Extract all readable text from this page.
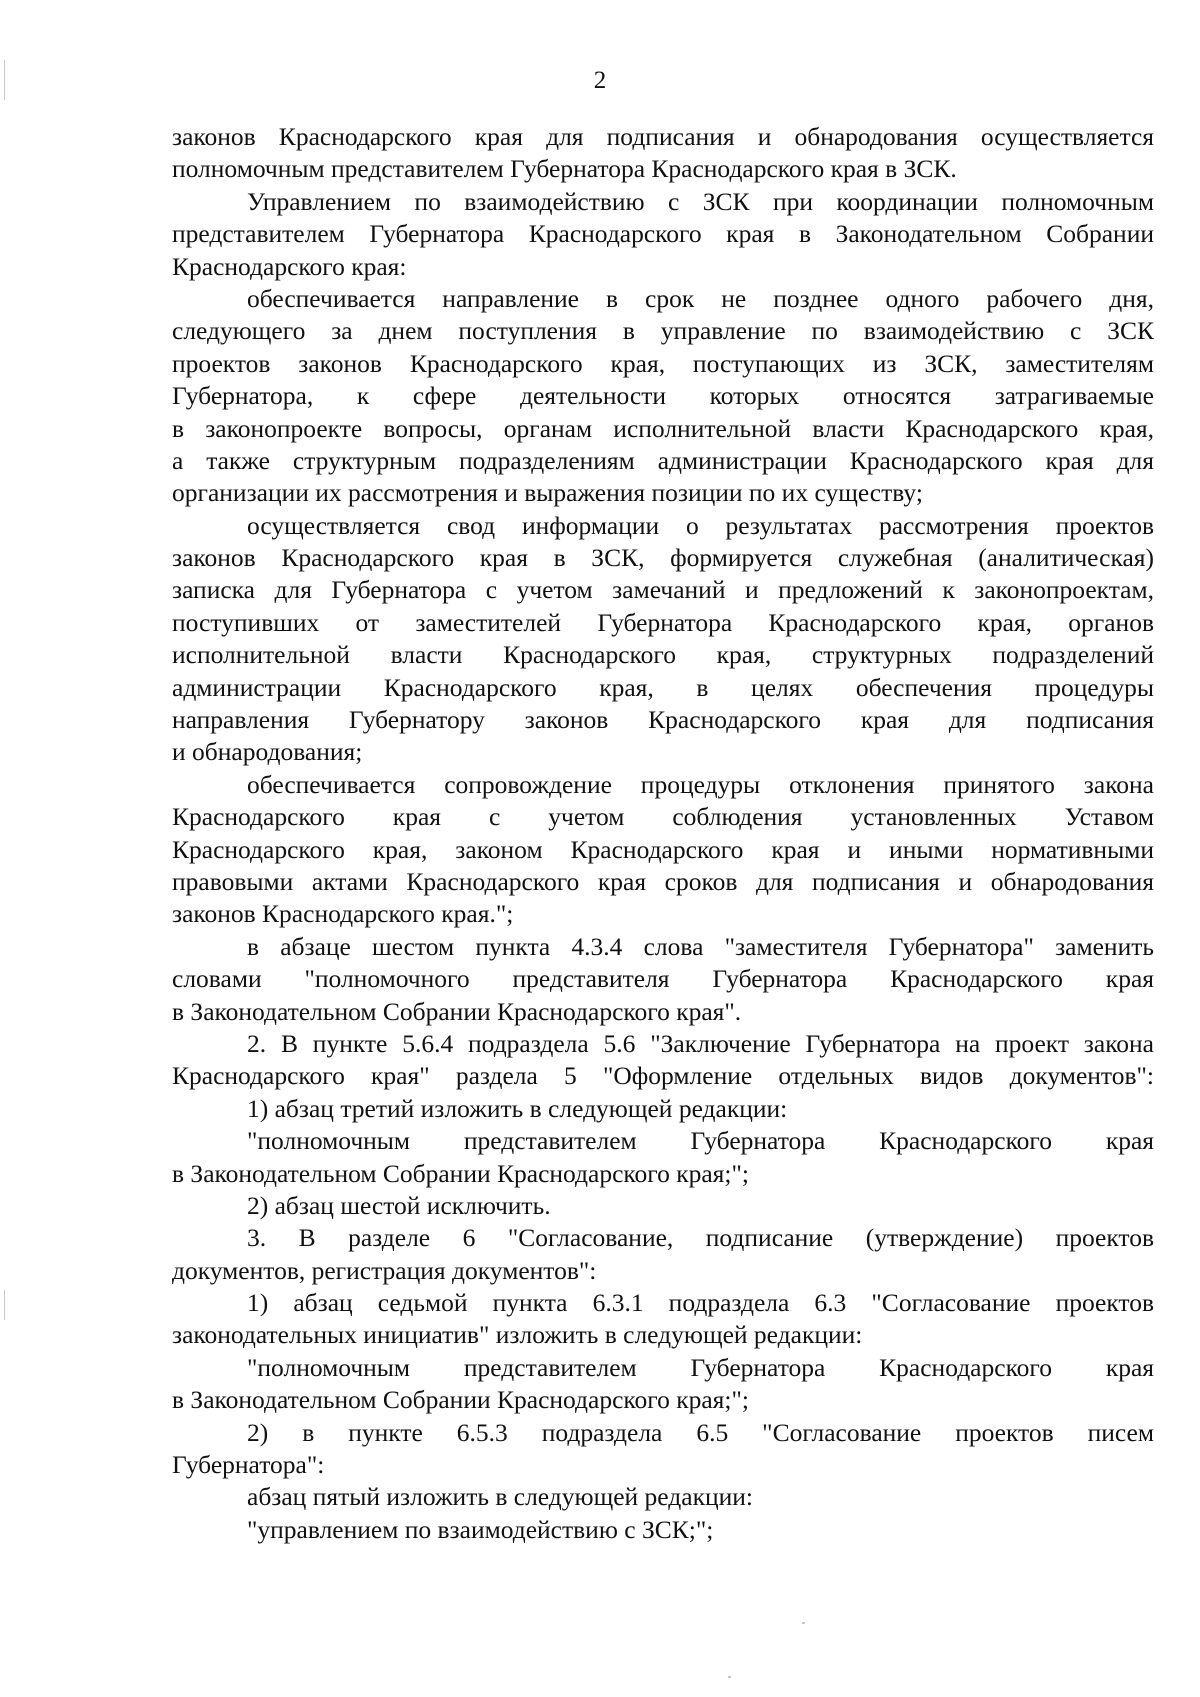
2
законов Краснодарского края для подписания и обнародования осуществляется
полномочным представителем Губернатора Краснодарского края в ЗСК.
Управлением по взаимодействию с ЗСК при координации полномочным
представителем Губернатора Краснодарского края в Законодательном Собрании
Краснодарского края:
обеспечивается направление в срок не позднее одного рабочего дня,
следующего за днем поступления в управление по взаимодействию с ЗСК
проектов законов Краснодарского края, поступающих из ЗСК, заместителям
Губернатора, к сфере деятельности которых относятся затрагиваемые
в законопроекте вопросы, органам исполнительной власти Краснодарского края,
а также структурным подразделениям администрации Краснодарского края для
организации их рассмотрения и выражения позиции по их существу;
осуществляется свод информации о результатах рассмотрения проектов
законов Краснодарского края в ЗСК, формируется служебная (аналитическая)
записка для Губернатора с учетом замечаний и предложений к законопроектам,
поступивших от заместителей Губернатора Краснодарского края, органов
исполнительной власти Краснодарского края, структурных подразделений
администрации Краснодарского края, в целях обеспечения процедуры
направления Губернатору законов Краснодарского края для подписания
и обнародования;
обеспечивается сопровождение процедуры отклонения принятого закона
Краснодарского края с учетом соблюдения установленных Уставом
Краснодарского края, законом Краснодарского края и иными нормативными
правовыми актами Краснодарского края сроков для подписания и обнародования
законов Краснодарского края.";
в абзаце шестом пункта 4.3.4 слова "заместителя Губернатора" заменить
словами "полномочного представителя Губернатора Краснодарского края
в Законодательном Собрании Краснодарского края".
2. В пункте 5.6.4 подраздела 5.6 "Заключение Губернатора на проект закона
Краснодарского края" раздела 5 "Оформление отдельных видов документов":
1) абзац третий изложить в следующей редакции:
"полномочным представителем Губернатора Краснодарского края
в Законодательном Собрании Краснодарского края;";
2) абзац шестой исключить.
3. В разделе 6 "Согласование, подписание (утверждение) проектов
документов, регистрация документов":
1) абзац седьмой пункта 6.3.1 подраздела 6.3 "Согласование проектов
законодательных инициатив" изложить в следующей редакции:
"полномочным представителем Губернатора Краснодарского края
в Законодательном Собрании Краснодарского края;";
2) в пункте 6.5.3 подраздела 6.5 "Согласование проектов писем
Губернатора":
абзац пятый изложить в следующей редакции:
"управлением по взаимодействию с ЗСК;";
